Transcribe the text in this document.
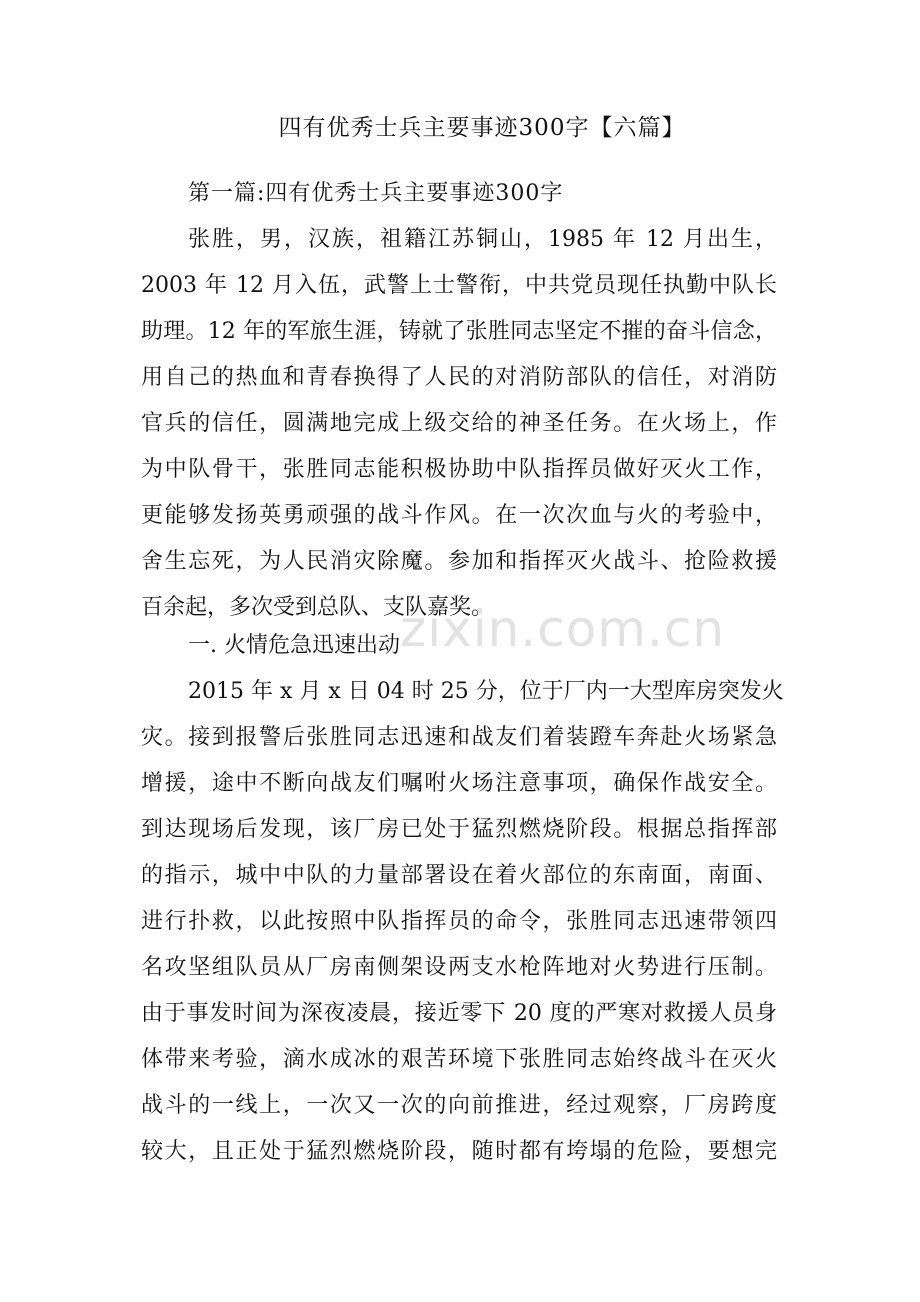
四有优秀士兵主要事迹300字【六篇】
第一篇:四有优秀士兵主要事迹300字

张胜，男，汉族，祖籍江苏铜山，1985 年 12 月出生，

2003 年 12 月入伍，武警上士警衔，中共党员现任执勤中队长

助理。12 年的军旅生涯，铸就了张胜同志坚定不摧的奋斗信念，

用自己的热血和青春换得了人民的对消防部队的信任，对消防

官兵的信任，圆满地完成上级交给的神圣任务。在火场上，作

为中队骨干，张胜同志能积极协助中队指挥员做好灭火工作，

更能够发扬英勇顽强的战斗作风。在一次次血与火的考验中，

舍生忘死，为人民消灾除魔。参加和指挥灭火战斗、抢险救援

百余起，多次受到总队、支队嘉奖。

一. 火情危急迅速出动

2015 年 x 月 x 日 04 时 25 分，位于厂内一大型库房突发火

灾。接到报警后张胜同志迅速和战友们着装蹬车奔赴火场紧急

增援，途中不断向战友们嘱咐火场注意事项，确保作战安全。

到达现场后发现，该厂房已处于猛烈燃烧阶段。根据总指挥部

的指示，城中中队的力量部署设在着火部位的东南面，南面、

进行扑救，以此按照中队指挥员的命令，张胜同志迅速带领四

名攻坚组队员从厂房南侧架设两支水枪阵地对火势进行压制。

由于事发时间为深夜凌晨，接近零下 20 度的严寒对救援人员身

体带来考验，滴水成冰的艰苦环境下张胜同志始终战斗在灭火

战斗的一线上，一次又一次的向前推进，经过观察，厂房跨度

较大，且正处于猛烈燃烧阶段，随时都有垮塌的危险，要想完

zixin.com.cn
